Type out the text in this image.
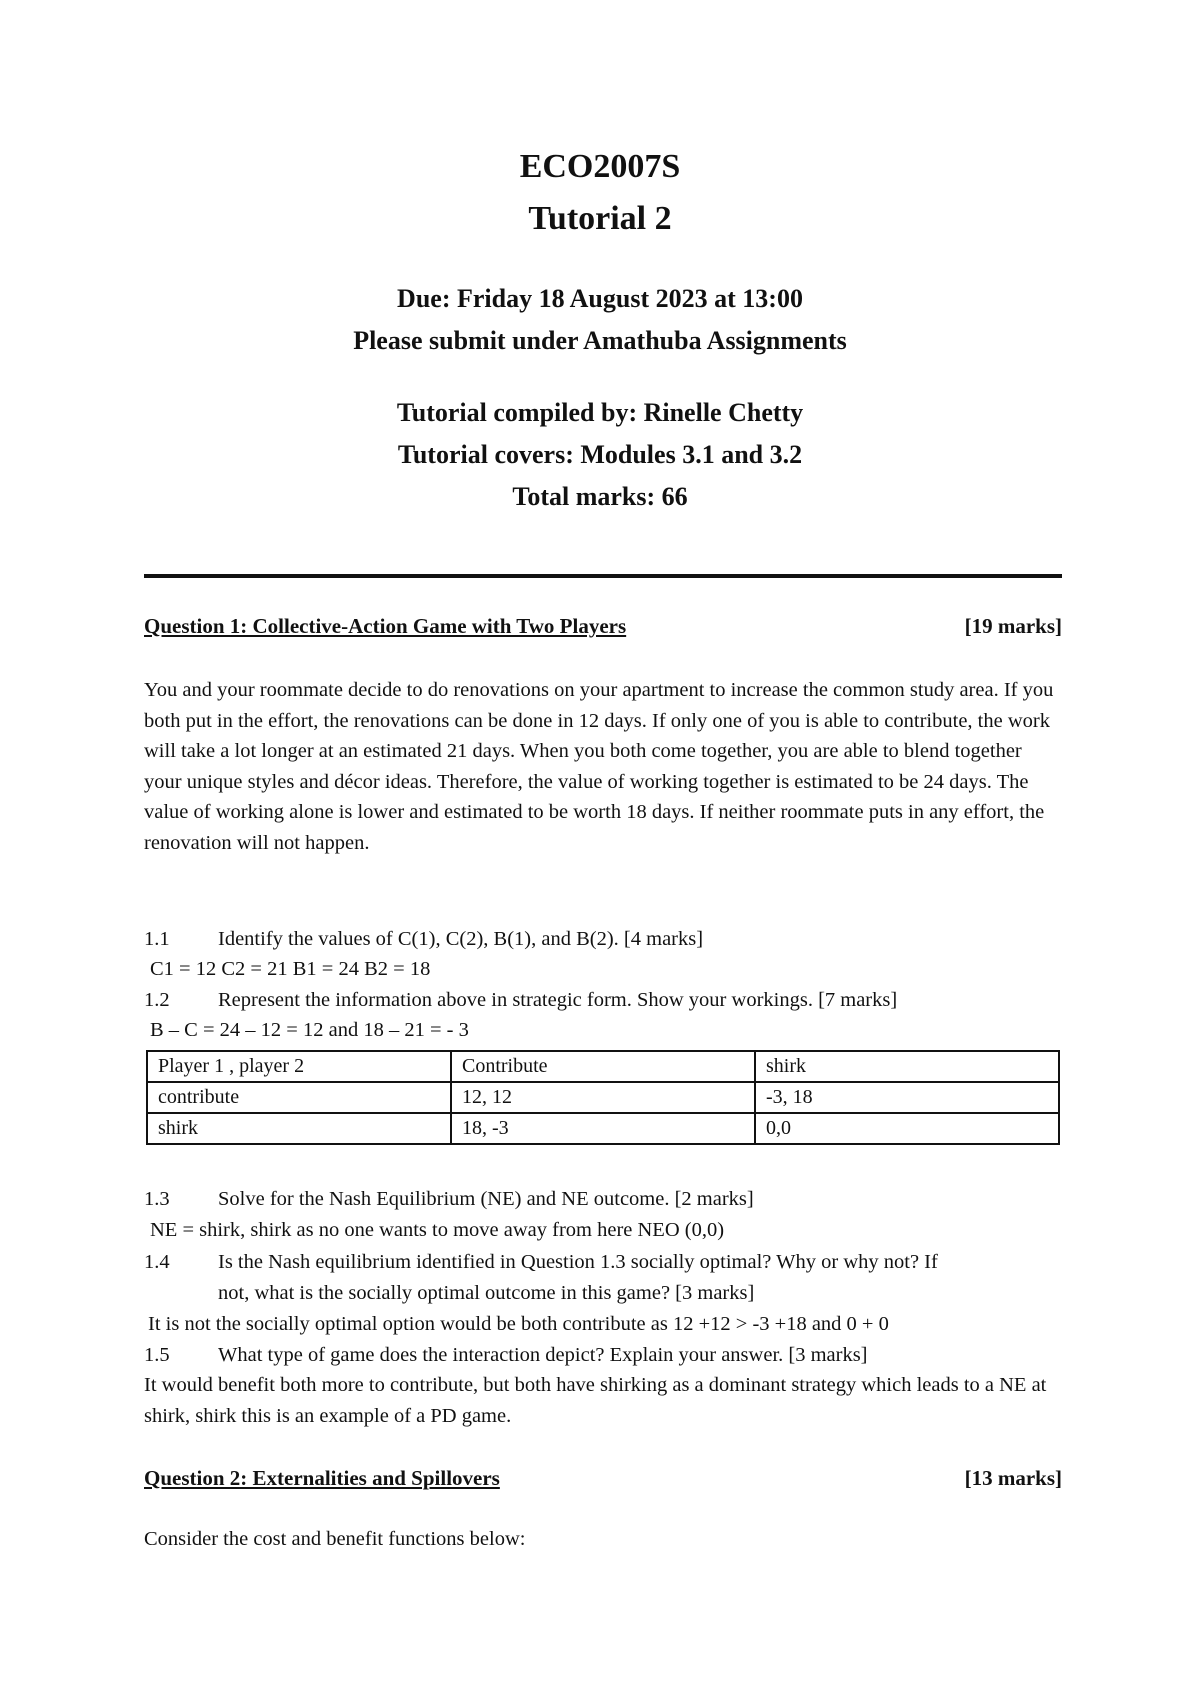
ECO2007S
Tutorial 2
Due: Friday 18 August 2023 at 13:00
Please submit under Amathuba Assignments
Tutorial compiled by: Rinelle Chetty
Tutorial covers: Modules 3.1 and 3.2
Total marks: 66
Question 1: Collective-Action Game with Two Players	[19 marks]
You and your roommate decide to do renovations on your apartment to increase the common study area. If you both put in the effort, the renovations can be done in 12 days. If only one of you is able to contribute, the work will take a lot longer at an estimated 21 days. When you both come together, you are able to blend together your unique styles and décor ideas. Therefore, the value of working together is estimated to be 24 days. The value of working alone is lower and estimated to be worth 18 days. If neither roommate puts in any effort, the renovation will not happen.
1.1 Identify the values of C(1), C(2), B(1), and B(2). [4 marks]
C1 = 12 C2 = 21 B1 = 24 B2 = 18
1.2 Represent the information above in strategic form. Show your workings. [7 marks]
B – C = 24 – 12 = 12 and 18 – 21 = - 3
Player 1 , player 2	Contribute	shirk
contribute	12, 12	-3, 18
shirk	18, -3	0,0
1.3 Solve for the Nash Equilibrium (NE) and NE outcome. [2 marks]
NE = shirk, shirk as no one wants to move away from here NEO (0,0)
1.4 Is the Nash equilibrium identified in Question 1.3 socially optimal? Why or why not? If
not, what is the socially optimal outcome in this game? [3 marks]
It is not the socially optimal option would be both contribute as 12 +12 > -3 +18 and 0 + 0
1.5 What type of game does the interaction depict? Explain your answer. [3 marks]
It would benefit both more to contribute, but both have shirking as a dominant strategy which leads to a NE at shirk, shirk this is an example of a PD game.
Question 2: Externalities and Spillovers	[13 marks]
Consider the cost and benefit functions below:
